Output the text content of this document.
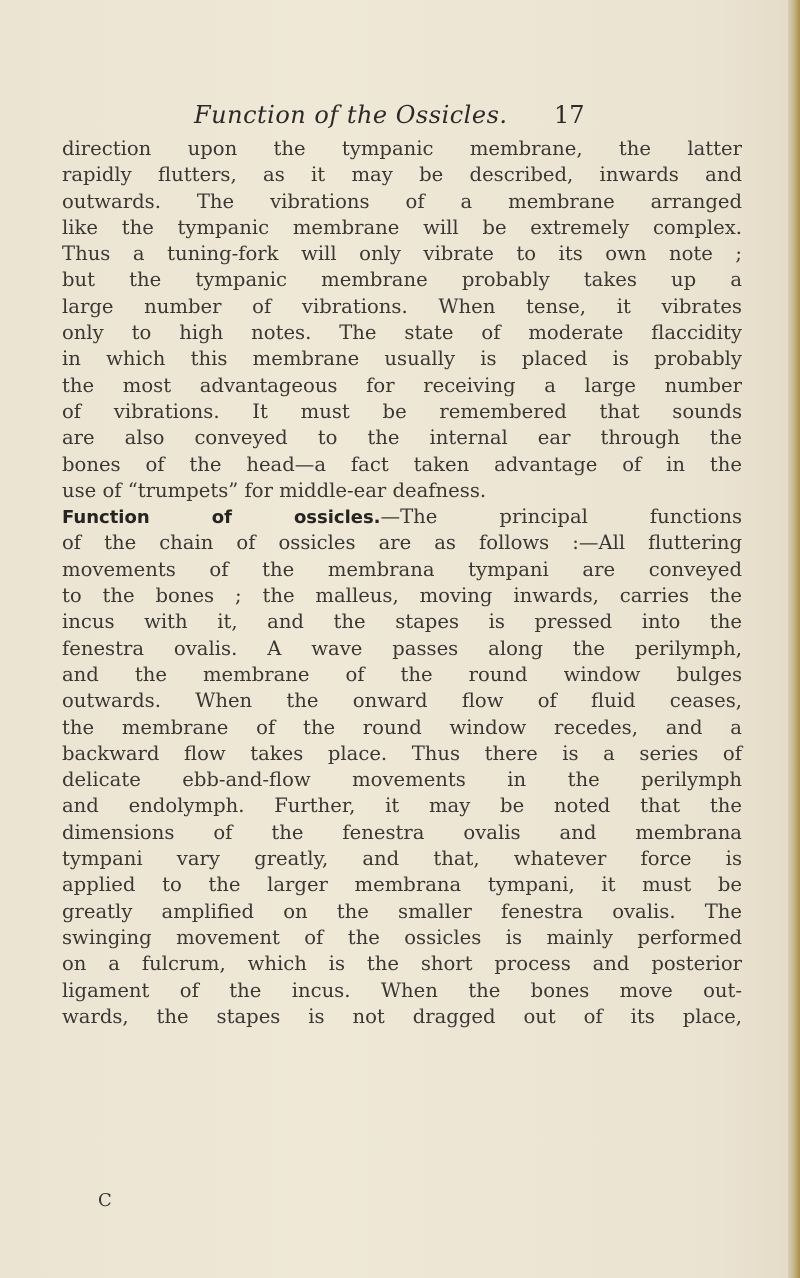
Function of the Ossicles. 17
direction upon the tympanic membrane, the latter
rapidly flutters, as it may be described, inwards and
outwards. The vibrations of a membrane arranged
like the tympanic membrane will be extremely complex.
Thus a tuning-fork will only vibrate to its own note ;
but the tympanic membrane probably takes up a
large number of vibrations. When tense, it vibrates
only to high notes. The state of moderate flaccidity
in which this membrane usually is placed is probably
the most advantageous for receiving a large number
of vibrations. It must be remembered that sounds
are also conveyed to the internal ear through the
bones of the head—a fact taken advantage of in the
use of “trumpets” for middle-ear deafness.
Function of ossicles.—The principal functions
of the chain of ossicles are as follows :—All fluttering
movements of the membrana tympani are conveyed
to the bones ; the malleus, moving inwards, carries the
incus with it, and the stapes is pressed into the
fenestra ovalis. A wave passes along the perilymph,
and the membrane of the round window bulges
outwards. When the onward flow of fluid ceases,
the membrane of the round window recedes, and a
backward flow takes place. Thus there is a series of
delicate ebb-and-flow movements in the perilymph
and endolymph. Further, it may be noted that the
dimensions of the fenestra ovalis and membrana
tympani vary greatly, and that, whatever force is
applied to the larger membrana tympani, it must be
greatly amplified on the smaller fenestra ovalis. The
swinging movement of the ossicles is mainly performed
on a fulcrum, which is the short process and posterior
ligament of the incus. When the bones move out-
wards, the stapes is not dragged out of its place,
C
